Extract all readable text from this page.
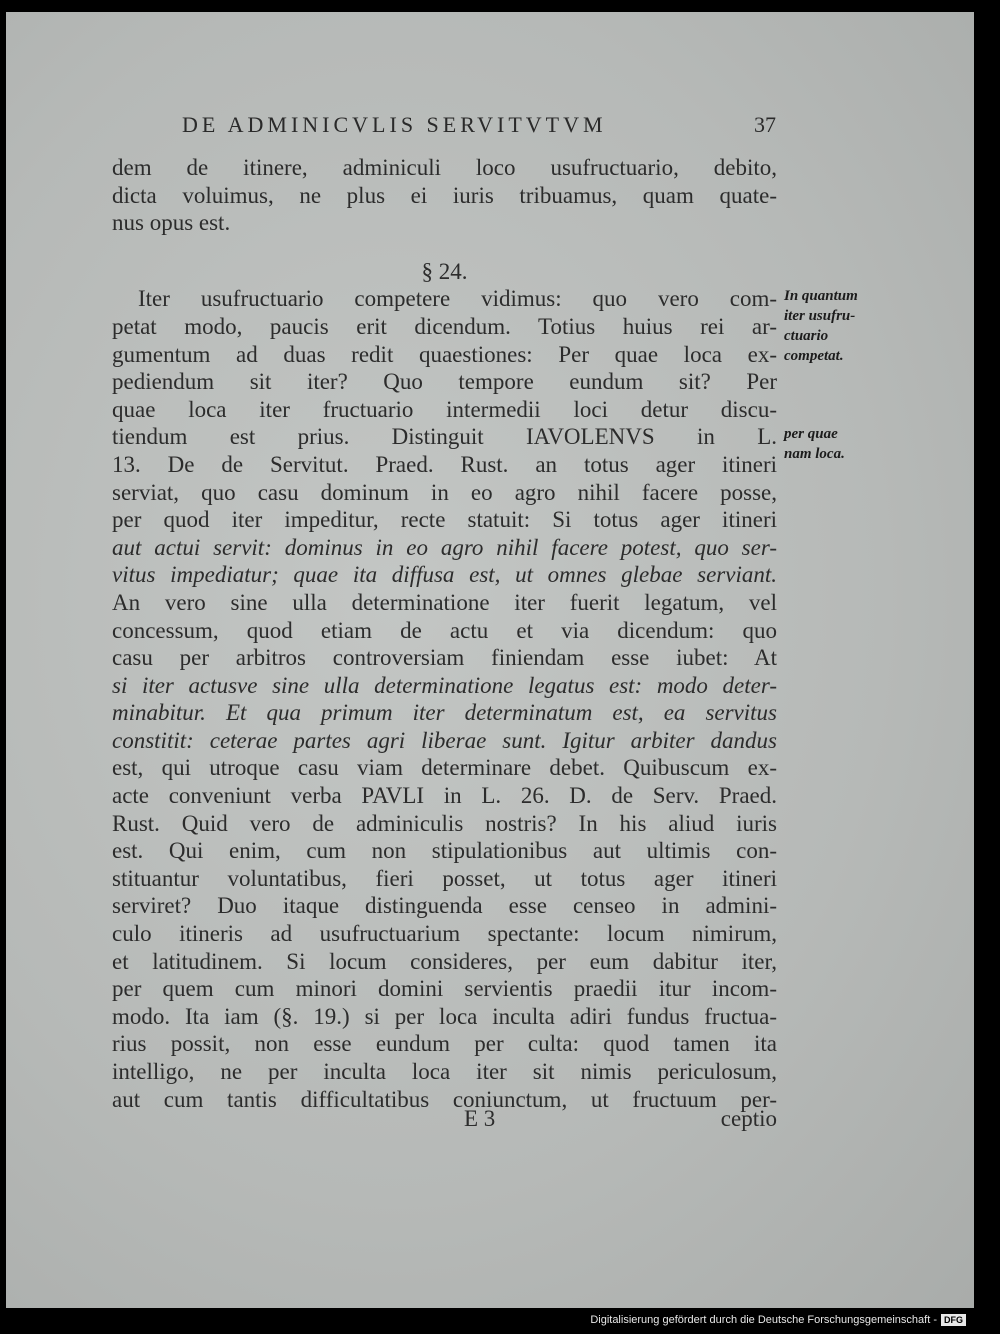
DE ADMINICVLIS SERVITVTVM	37
dem de itinere, adminiculi loco usufructuario, debito,
dicta voluimus, ne plus ei iuris tribuamus, quam quate-
nus opus est.
§ 24.
Iter usufructuario competere vidimus: quo vero com-
petat modo, paucis erit dicendum. Totius huius rei ar-
gumentum ad duas redit quaestiones: Per quae loca ex-
pediendum sit iter? Quo tempore eundum sit? Per
quae loca iter fructuario intermedii loci detur discu-
tiendum est prius. Distinguit IAVOLENVS in L.
13. De de Servitut. Praed. Rust. an totus ager itineri
serviat, quo casu dominum in eo agro nihil facere posse,
per quod iter impeditur, recte statuit: Si totus ager itineri
aut actui servit: dominus in eo agro nihil facere potest, quo ser-
vitus impediatur; quae ita diffusa est, ut omnes glebae serviant.
An vero sine ulla determinatione iter fuerit legatum, vel
concessum, quod etiam de actu et via dicendum: quo
casu per arbitros controversiam finiendam esse iubet: At
si iter actusve sine ulla determinatione legatus est: modo deter-
minabitur. Et qua primum iter determinatum est, ea servitus
constitit: ceterae partes agri liberae sunt. Igitur arbiter dandus
est, qui utroque casu viam determinare debet. Quibuscum ex-
acte conveniunt verba PAVLI in L. 26. D. de Serv. Praed.
Rust. Quid vero de adminiculis nostris? In his aliud iuris
est. Qui enim, cum non stipulationibus aut ultimis con-
stituantur voluntatibus, fieri posset, ut totus ager itineri
serviret? Duo itaque distinguenda esse censeo in admini-
culo itineris ad usufructuarium spectante: locum nimirum,
et latitudinem. Si locum consideres, per eum dabitur iter,
per quem cum minori domini servientis praedii itur incom-
modo. Ita iam (§. 19.) si per loca inculta adiri fundus fructua-
rius possit, non esse eundum per culta: quod tamen ita
intelligo, ne per inculta loca iter sit nimis periculosum,
aut cum tantis difficultatibus coniunctum, ut fructuum per-
In quantum
iter usufru-
ctuario
competat.
per quae
nam loca.
E 3	ceptio
Digitalisierung gefördert durch die Deutsche Forschungsgemeinschaft - DFG
